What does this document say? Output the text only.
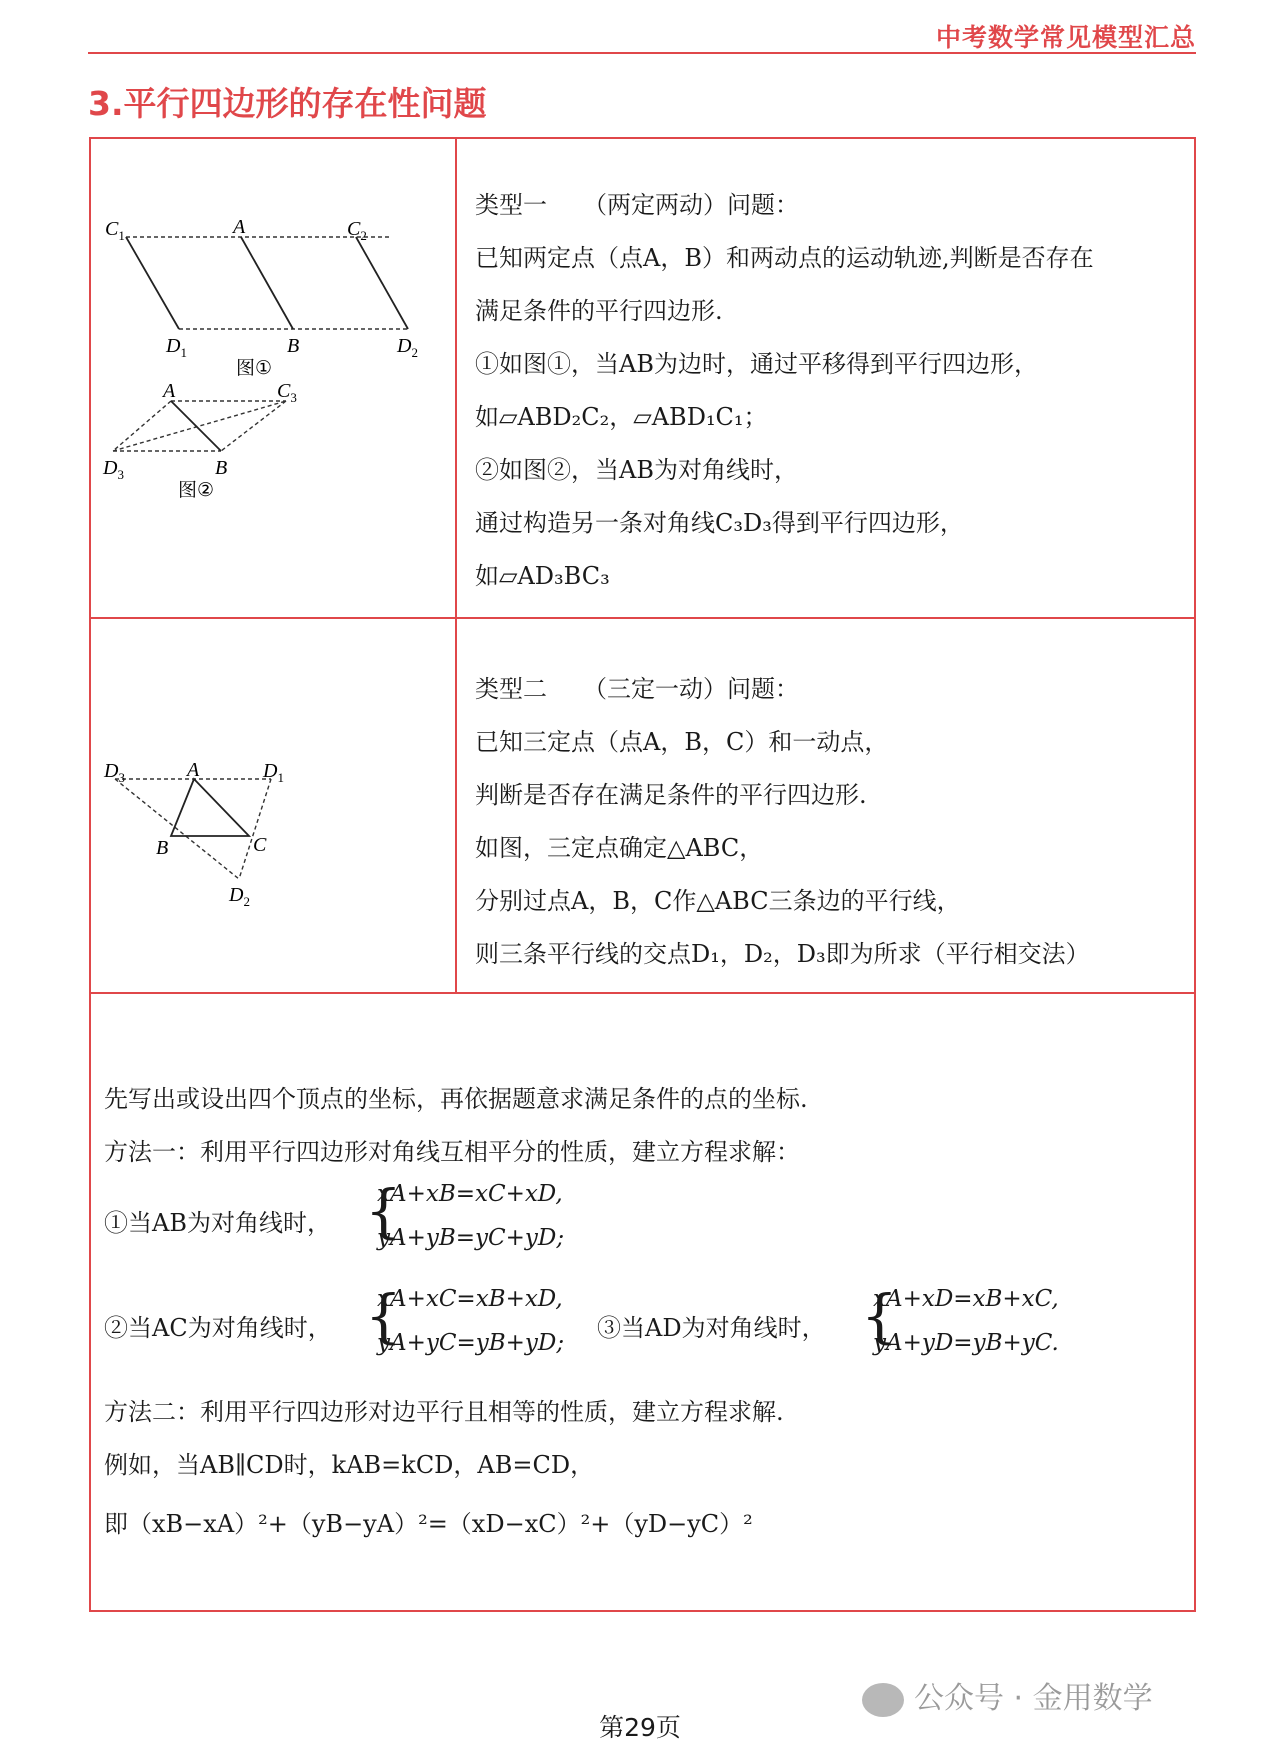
中考数学常见模型汇总
3.平行四边形的存在性问题
$C_1$	A	$C_2$
$D_1$	B	$D_2$
图①
A	$C_3$
$D_3$	B
图②
类型一 （两定两动）问题：
已知两定点（点A，B）和两动点的运动轨迹,判断是否存在
满足条件的平行四边形.
①如图①，当AB为边时，通过平移得到平行四边形，
如▱ABD₂C₂，▱ABD₁C₁；
②如图②，当AB为对角线时，
通过构造另一条对角线C₃D₃得到平行四边形，
如▱AD₃BC₃
$D_3$	A	$D_1$
B	C
$D_2$
类型二 （三定一动）问题：
已知三定点（点A，B，C）和一动点，
判断是否存在满足条件的平行四边形.
如图，三定点确定△ABC，
分别过点A，B，C作△ABC三条边的平行线，
则三条平行线的交点D₁，D₂，D₃即为所求（平行相交法）
先写出或设出四个顶点的坐标，再依据题意求满足条件的点的坐标.
方法一：利用平行四边形对角线互相平分的性质，建立方程求解：
①当AB为对角线时， {
xA+xB=xC+xD,
yA+yB=yC+yD;
②当AC为对角线时， {
xA+xC=xB+xD,
yA+yC=yB+yD;
③当AD为对角线时， {
xA+xD=xB+xC,
yA+yD=yB+yC.
方法二：利用平行四边形对边平行且相等的性质，建立方程求解.
例如，当AB∥CD时，kAB=kCD，AB=CD，
即（xB−xA）²+（yB−yA）²=（xD−xC）²+（yD−yC）²
公众号 · 金用数学
第29页
